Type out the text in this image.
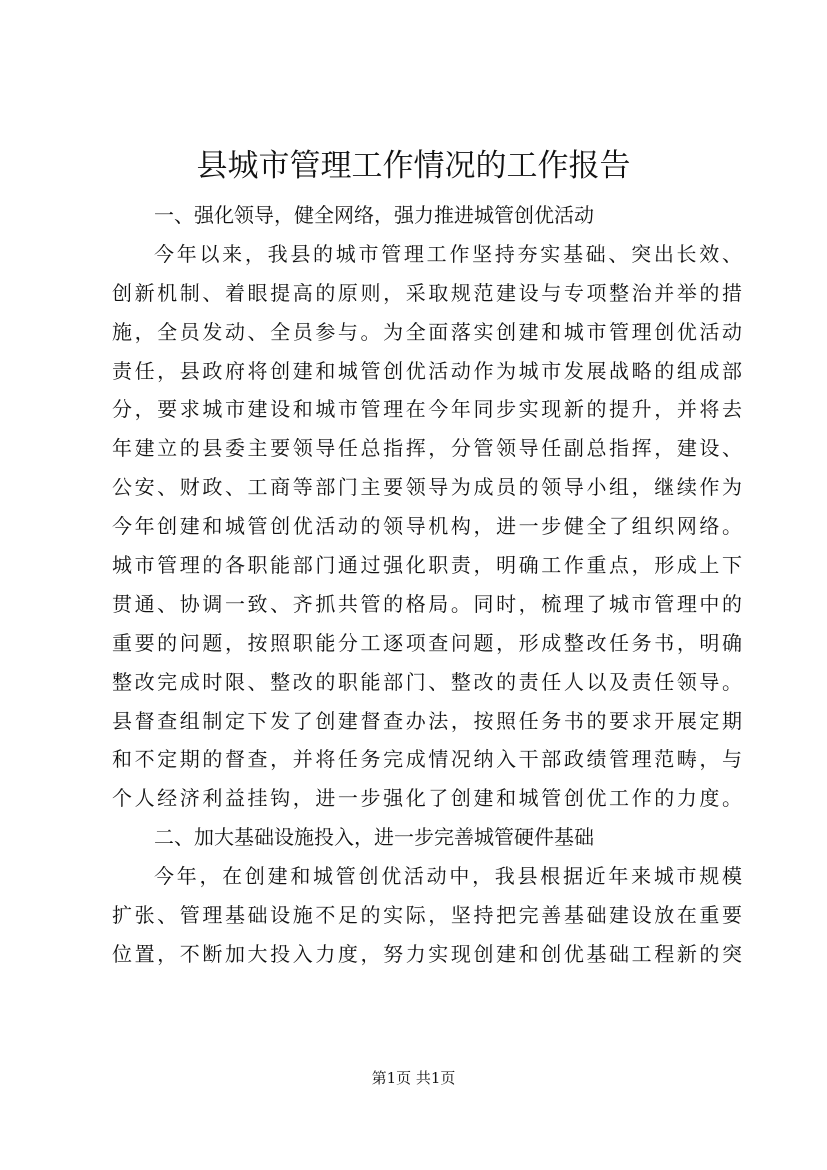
县城市管理工作情况的工作报告
一、强化领导，健全网络，强力推进城管创优活动
今年以来，我县的城市管理工作坚持夯实基础、突出长效、
创新机制、着眼提高的原则，采取规范建设与专项整治并举的措
施，全员发动、全员参与。为全面落实创建和城市管理创优活动
责任，县政府将创建和城管创优活动作为城市发展战略的组成部
分，要求城市建设和城市管理在今年同步实现新的提升，并将去
年建立的县委主要领导任总指挥，分管领导任副总指挥，建设、
公安、财政、工商等部门主要领导为成员的领导小组，继续作为
今年创建和城管创优活动的领导机构，进一步健全了组织网络。
城市管理的各职能部门通过强化职责，明确工作重点，形成上下
贯通、协调一致、齐抓共管的格局。同时，梳理了城市管理中的
重要的问题，按照职能分工逐项查问题，形成整改任务书，明确
整改完成时限、整改的职能部门、整改的责任人以及责任领导。
县督查组制定下发了创建督查办法，按照任务书的要求开展定期
和不定期的督查，并将任务完成情况纳入干部政绩管理范畴，与
个人经济利益挂钩，进一步强化了创建和城管创优工作的力度。
二、加大基础设施投入，进一步完善城管硬件基础
今年，在创建和城管创优活动中，我县根据近年来城市规模
扩张、管理基础设施不足的实际，坚持把完善基础建设放在重要
位置，不断加大投入力度，努力实现创建和创优基础工程新的突
第1页 共1页
